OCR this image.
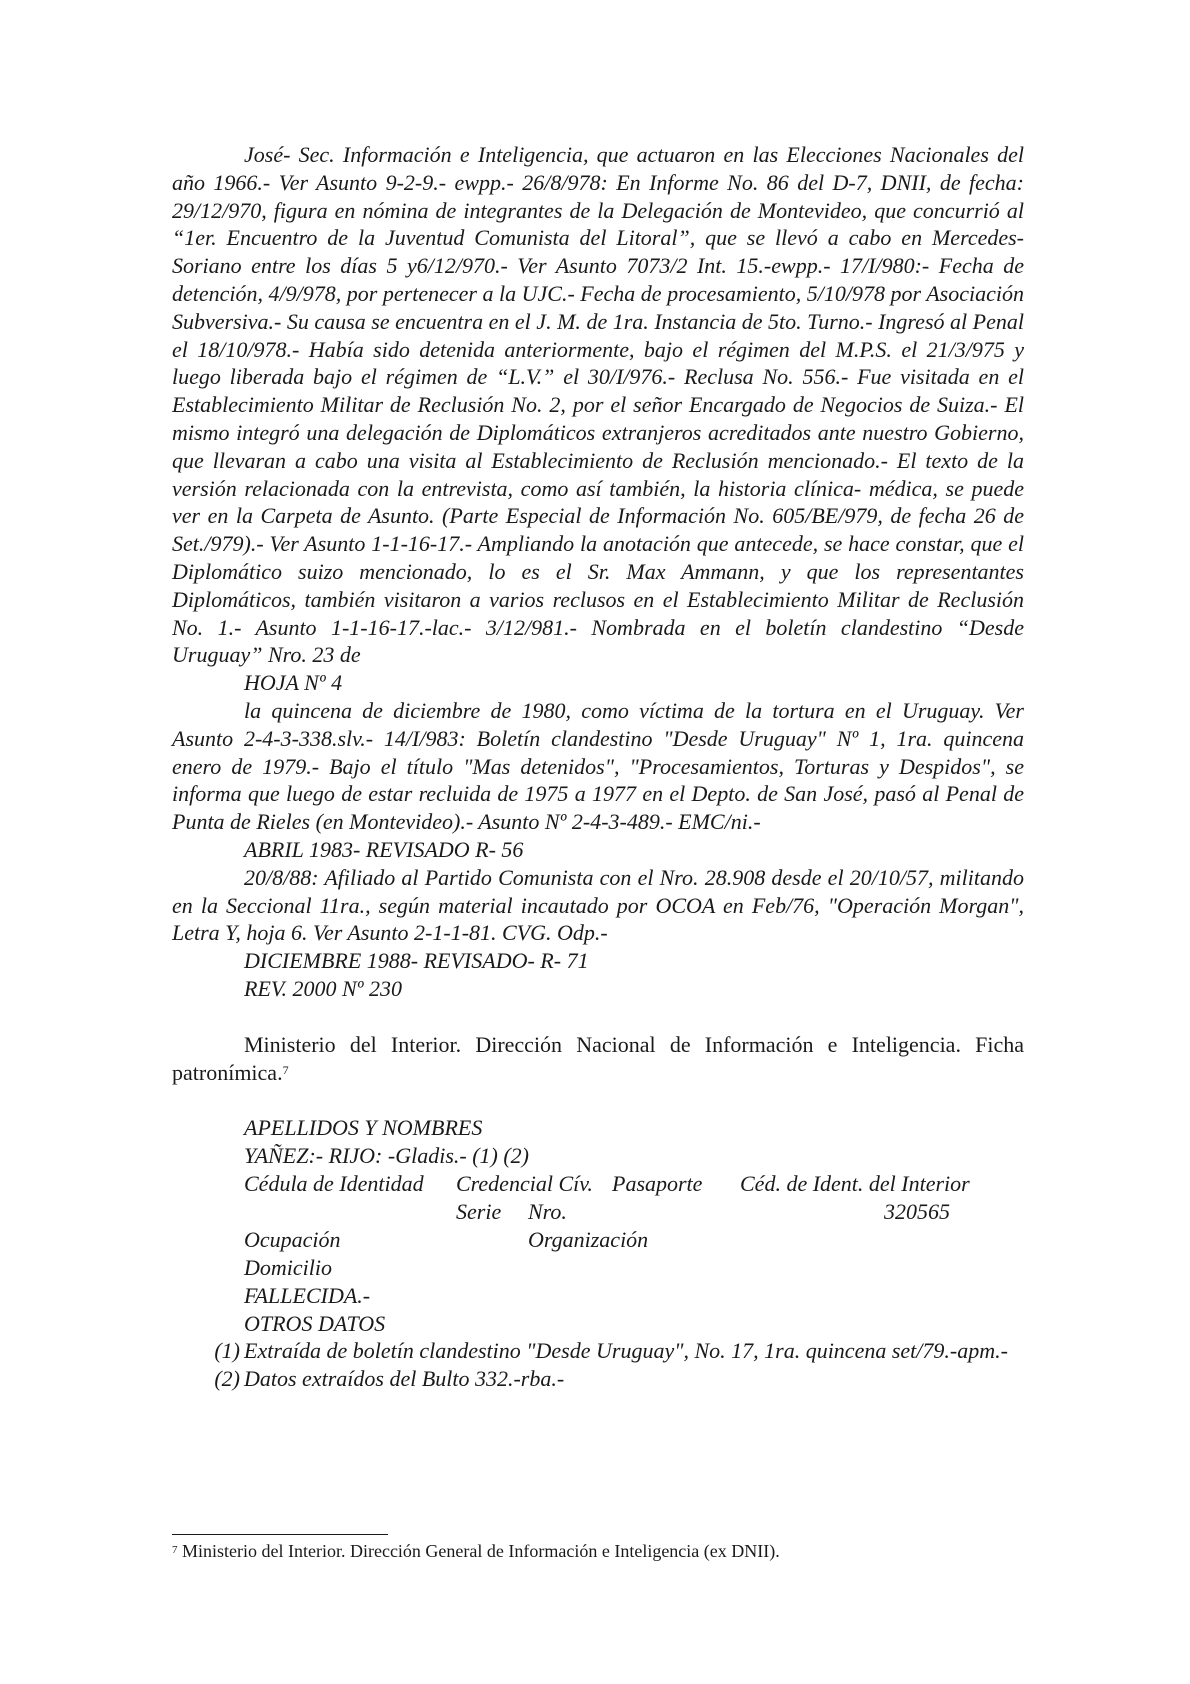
José- Sec. Información e Inteligencia, que actuaron en las Elecciones Nacionales del año 1966.- Ver Asunto 9-2-9.- ewpp.- 26/8/978: En Informe No. 86 del D-7, DNII, de fecha: 29/12/970, figura en nómina de integrantes de la Delegación de Montevideo, que concurrió al “1er. Encuentro de la Juventud Comunista del Litoral”, que se llevó a cabo en Mercedes-Soriano entre los días 5 y6/12/970.- Ver Asunto 7073/2 Int. 15.-ewpp.- 17/I/980:- Fecha de detención, 4/9/978, por pertenecer a la UJC.- Fecha de procesamiento, 5/10/978 por Asociación Subversiva.- Su causa se encuentra en el J. M. de 1ra. Instancia de 5to. Turno.- Ingresó al Penal el 18/10/978.- Había sido detenida anteriormente, bajo el régimen del M.P.S. el 21/3/975 y luego liberada bajo el régimen de “L.V.” el 30/I/976.- Reclusa No. 556.- Fue visitada en el Establecimiento Militar de Reclusión No. 2, por el señor Encargado de Negocios de Suiza.- El mismo integró una delegación de Diplomáticos extranjeros acreditados ante nuestro Gobierno, que llevaran a cabo una visita al Establecimiento de Reclusión mencionado.- El texto de la versión relacionada con la entrevista, como así también, la historia clínica- médica, se puede ver en la Carpeta de Asunto. (Parte Especial de Información No. 605/BE/979, de fecha 26 de Set./979).- Ver Asunto 1-1-16-17.- Ampliando la anotación que antecede, se hace constar, que el Diplomático suizo mencionado, lo es el Sr. Max Ammann, y que los representantes Diplomáticos, también visitaron a varios reclusos en el Establecimiento Militar de Reclusión No. 1.- Asunto 1-1-16-17.-lac.- 3/12/981.- Nombrada en el boletín clandestino “Desde Uruguay” Nro. 23 de

HOJA Nº 4

la quincena de diciembre de 1980, como víctima de la tortura en el Uruguay. Ver Asunto 2-4-3-338.slv.- 14/I/983: Boletín clandestino "Desde Uruguay" Nº 1, 1ra. quincena enero de 1979.- Bajo el título "Mas detenidos", "Procesamientos, Torturas y Despidos", se informa que luego de estar recluida de 1975 a 1977 en el Depto. de San José, pasó al Penal de Punta de Rieles (en Montevideo).- Asunto Nº 2-4-3-489.- EMC/ni.-

ABRIL 1983- REVISADO R- 56

20/8/88: Afiliado al Partido Comunista con el Nro. 28.908 desde el 20/10/57, militando en la Seccional 11ra., según material incautado por OCOA en Feb/76, "Operación Morgan", Letra Y, hoja 6. Ver Asunto 2-1-1-81. CVG. Odp.-

DICIEMBRE 1988- REVISADO- R- 71

REV. 2000 Nº 230

Ministerio del Interior. Dirección Nacional de Información e Inteligencia. Ficha patronímica.$^7$

APELLIDOS Y NOMBRES
YAÑEZ:- RIJO: -Gladis.- (1) (2)
Cédula de Identidad Credencial Cív.
Serie
Pasaporte
Nro.
Céd. de Ident. del Interior
320565
Ocupación	Organización
Domicilio
FALLECIDA.-
OTROS DATOS
(1) Extraída de boletín clandestino "Desde Uruguay", No. 17, 1ra. quincena set/79.-apm.-
(2) Datos extraídos del Bulto 332.-rba.-
$^7$ Ministerio del Interior. Dirección General de Información e Inteligencia (ex DNII).
